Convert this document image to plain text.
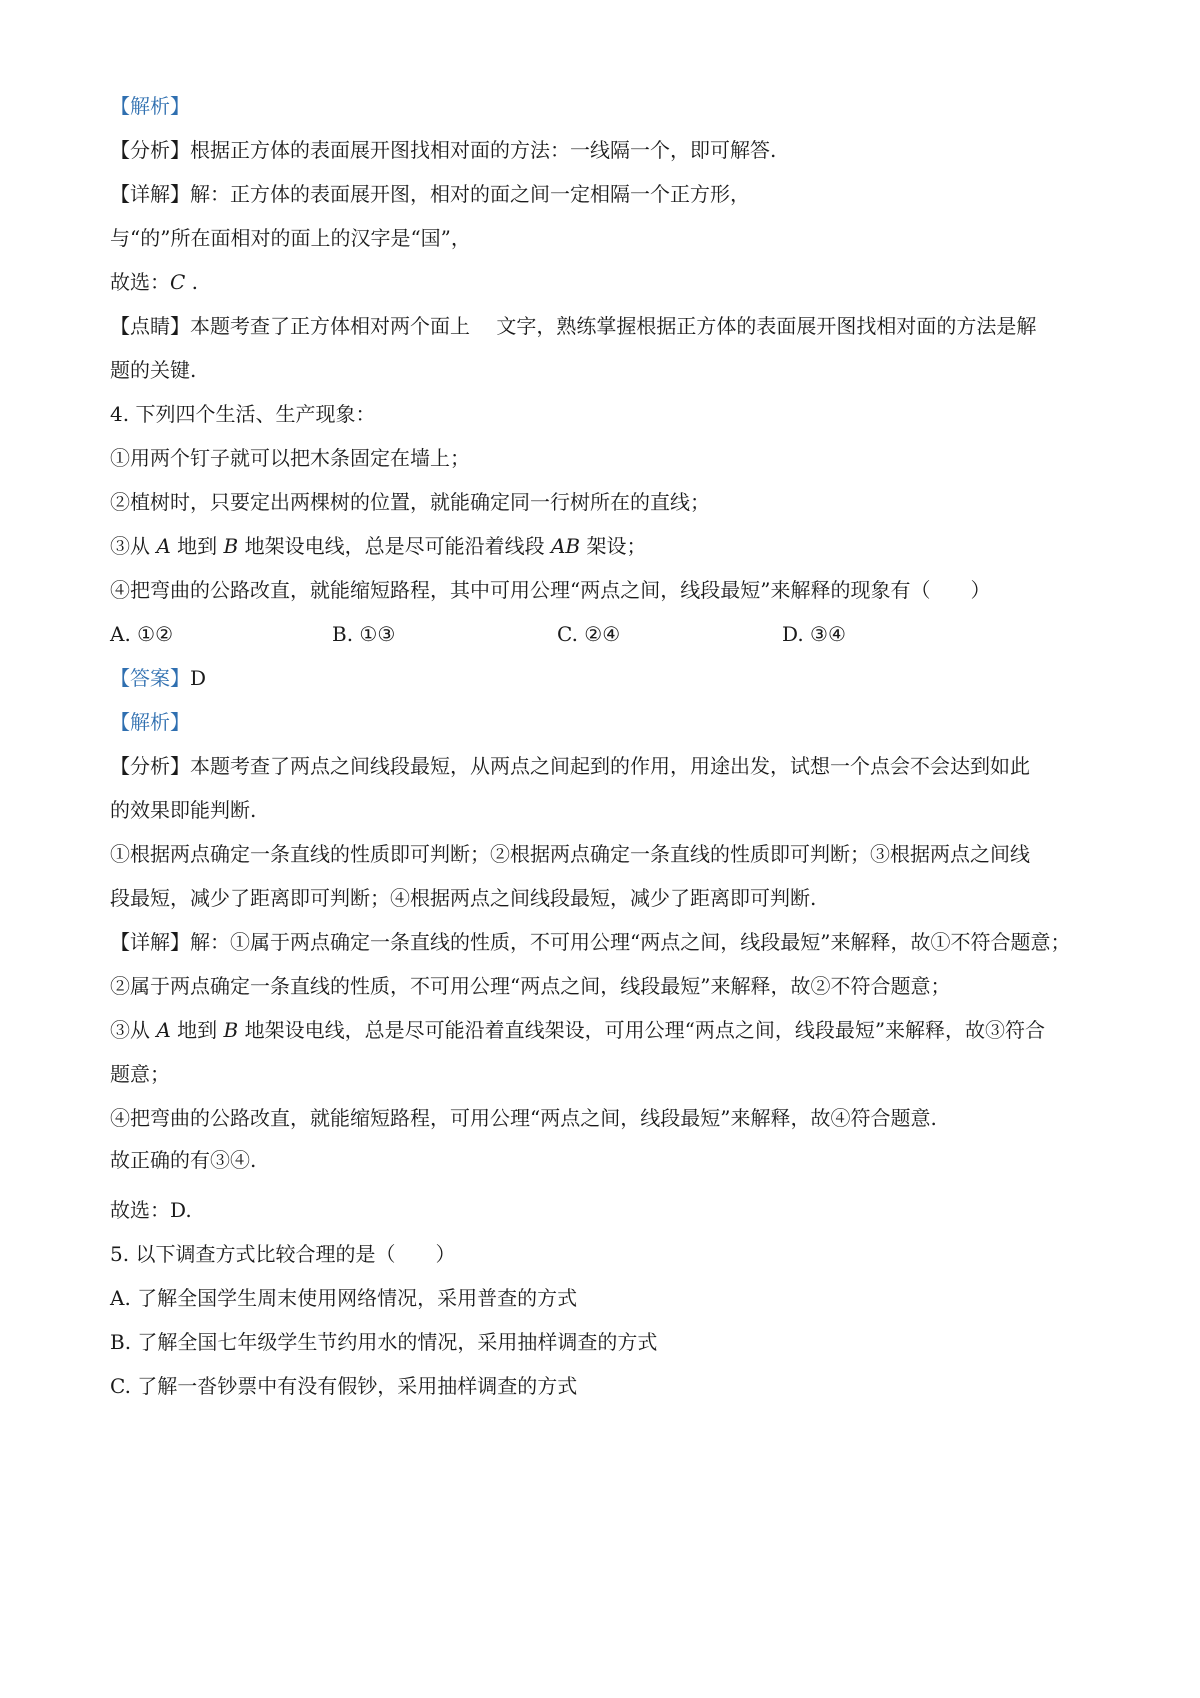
【解析】
【分析】根据正方体的表面展开图找相对面的方法：一线隔一个，即可解答.
【详解】解：正方体的表面展开图，相对的面之间一定相隔一个正方形，
与“的”所在面相对的面上的汉字是“国”，
故选：C .
【点睛】本题考查了正方体相对两个面上　 文字，熟练掌握根据正方体的表面展开图找相对面的方法是解
题的关键.
4. 下列四个生活、生产现象：
①用两个钉子就可以把木条固定在墙上；
②植树时，只要定出两棵树的位置，就能确定同一行树所在的直线；
③从 A 地到 B 地架设电线，总是尽可能沿着线段 AB 架设；
④把弯曲的公路改直，就能缩短路程，其中可用公理“两点之间，线段最短”来解释的现象有（　　）
A. ①②	B. ①③	C. ②④	D. ③④
【答案】D
【解析】
【分析】本题考查了两点之间线段最短，从两点之间起到的作用，用途出发，试想一个点会不会达到如此
的效果即能判断.
①根据两点确定一条直线的性质即可判断；②根据两点确定一条直线的性质即可判断；③根据两点之间线
段最短，减少了距离即可判断；④根据两点之间线段最短，减少了距离即可判断.
【详解】解：①属于两点确定一条直线的性质，不可用公理“两点之间，线段最短”来解释，故①不符合题意；
②属于两点确定一条直线的性质，不可用公理“两点之间，线段最短”来解释，故②不符合题意；
③从 A 地到 B 地架设电线，总是尽可能沿着直线架设，可用公理“两点之间，线段最短”来解释，故③符合
题意；
④把弯曲的公路改直，就能缩短路程，可用公理“两点之间，线段最短”来解释，故④符合题意.
故正确的有③④.
故选：D.
5. 以下调查方式比较合理的是（　　）
A. 了解全国学生周末使用网络情况，采用普查的方式
B. 了解全国七年级学生节约用水的情况，采用抽样调查的方式
C. 了解一沓钞票中有没有假钞，采用抽样调查的方式
